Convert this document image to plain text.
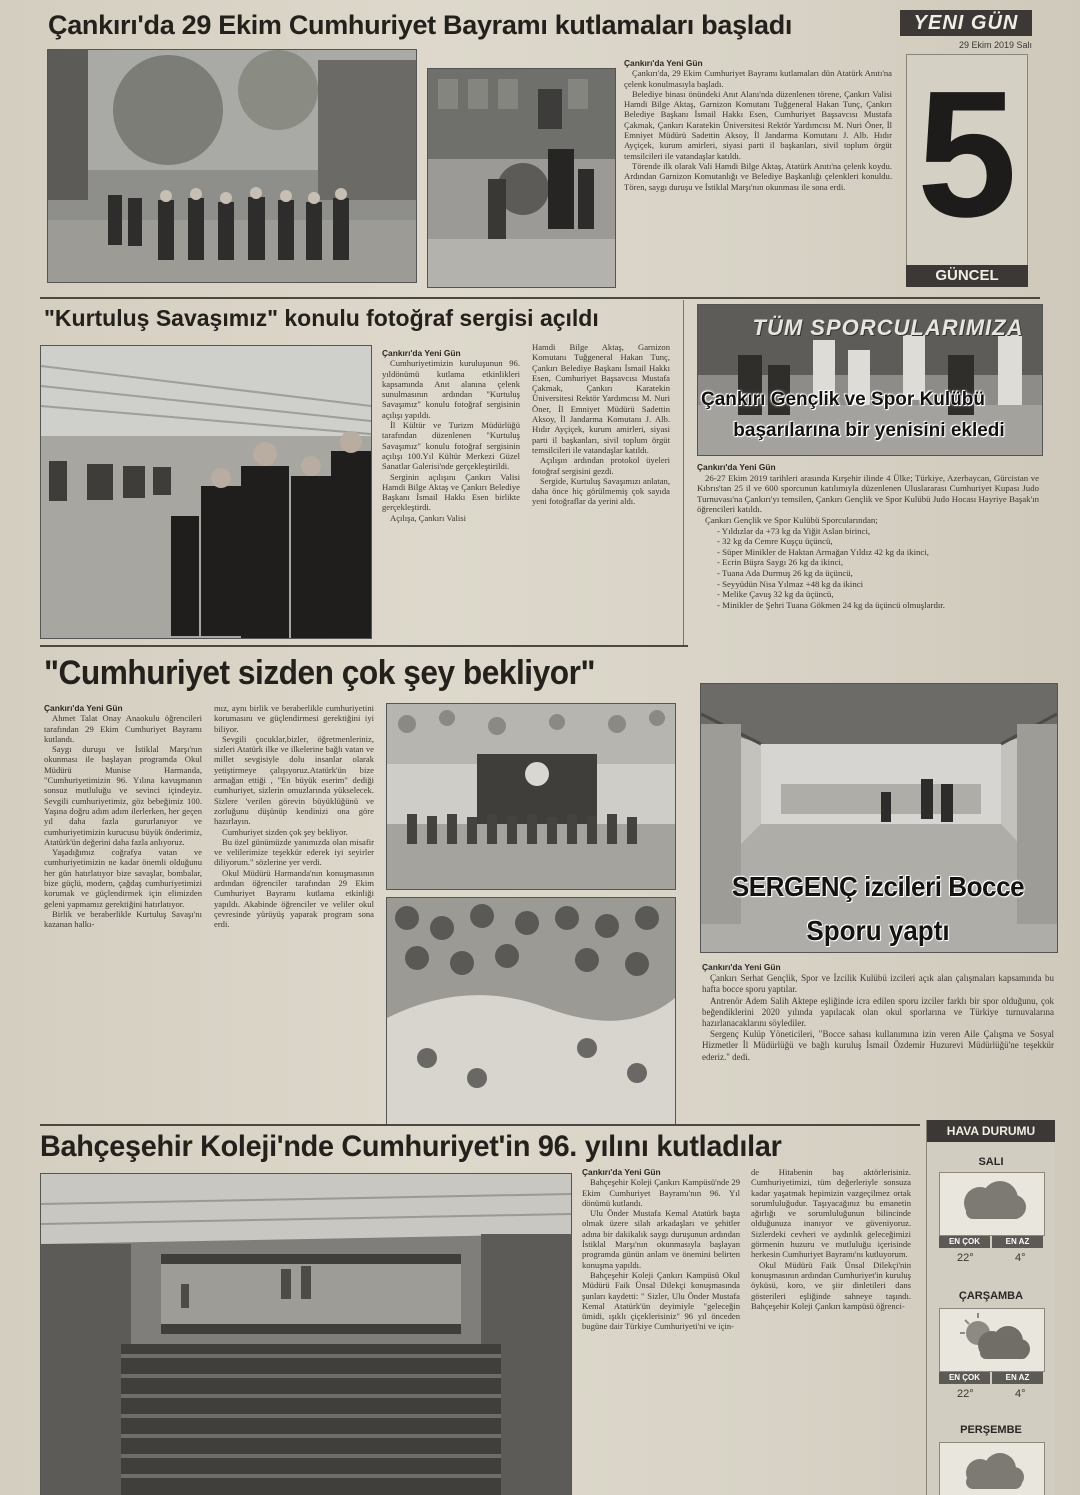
Çankırı'da 29 Ekim Cumhuriyet Bayramı kutlamaları başladı

Çankırı'da Yeni Gün

Çankırı'da, 29 Ekim Cumhuriyet Bayramı kutlamaları dün Atatürk Anıtı'na çelenk konulmasıyla başladı.

Belediye binası önündeki Anıt Alanı'nda düzenlenen törene, Çankırı Valisi Hamdi Bilge Aktaş, Garnizon Komutanı Tuğgeneral Hakan Tunç, Çankırı Belediye Başkanı İsmail Hakkı Esen, Cumhuriyet Başsavcısı Mustafa Çakmak, Çankırı Karatekin Üniversitesi Rektör Yardımcısı M. Nuri Öner, İl Emniyet Müdürü Sadettin Aksoy, İl Jandarma Komutanı J. Alb. Hıdır Ayçiçek, kurum amirleri, siyasi parti il başkanları, sivil toplum örgüt temsilcileri ile vatandaşlar katıldı.

Törende ilk olarak Vali Hamdi Bilge Aktaş, Atatürk Anıtı'na çelenk koydu. Ardından Garnizon Komutanlığı ve Belediye Başkanlığı çelenkleri konuldu. Tören, saygı duruşu ve İstiklal Marşı'nın okunması ile sona erdi.

YENI GÜN
29 Ekim 2019 Salı
5
GÜNCEL
"Kurtuluş Savaşımız" konulu fotoğraf sergisi açıldı

Çankırı'da Yeni Gün

Cumhuriyetimizin kuruluşunun 96. yıldönümü kutlama etkinlikleri kapsamında Anıt alanına çelenk sunulmasının ardından "Kurtuluş Savaşımız" konulu fotoğraf sergisinin açılışı yapıldı.

İl Kültür ve Turizm Müdürlüğü tarafından düzenlenen "Kurtuluş Savaşımız" konulu fotoğraf sergisinin açılışı 100.Yıl Kültür Merkezi Güzel Sanatlar Galerisi'nde gerçekleştirildi.

Serginin açılışını Çankırı Valisi Hamdi Bilge Aktaş ve Çankırı Belediye Başkanı İsmail Hakkı Esen birlikte gerçekleştirdi.

Açılışa, Çankırı Valisi

Hamdi Bilge Aktaş, Garnizon Komutanı Tuğgeneral Hakan Tunç, Çankırı Belediye Başkanı İsmail Hakkı Esen, Cumhuriyet Başsavcısı Mustafa Çakmak, Çankırı Karatekin Üniversitesi Rektör Yardımcısı M. Nuri Öner, İl Emniyet Müdürü Sadettin Aksoy, İl Jandarma Komutanı J. Alb. Hıdır Ayçiçek, kurum amirleri, siyasi parti il başkanları, sivil toplum örgüt temsilcileri ile vatandaşlar katıldı.

Açılışın ardından protokol üyeleri fotoğraf sergisini gezdi.

Sergide, Kurtuluş Savaşımızı anlatan, daha önce hiç görülmemiş çok sayıda yeni fotoğraflar da yerini aldı.

TÜM SPORCULARIMIZA
Çankırı Gençlik ve Spor Kulübü
başarılarına bir yenisini ekledi

Çankırı'da Yeni Gün

26-27 Ekim 2019 tarihleri arasında Kırşehir ilinde 4 Ülke; Türkiye, Azerbaycan, Gürcistan ve Kıbrıs'tan 25 il ve 600 sporcunun katılımıyla düzenlenen Uluslararası Cumhuriyet Kupası Judo Turnuvası'na Çankırı'yı temsilen, Çankırı Gençlik ve Spor Kulübü Judo Hocası Hayriye Başak'ın öğrencileri katıldı.

Çankırı Gençlik ve Spor Kulübü Sporcularından;

- Yıldızlar da +73 kg da Yiğit Aslan birinci,
- 32 kg da Cemre Kuşçu üçüncü,
- Süper Minikler de Haktan Armağan Yıldız 42 kg da ikinci,
- Ecrin Büşra Saygı 26 kg da ikinci,
- Tuana Ada Durmuş 26 kg da üçüncü,
- Seyyüdün Nisa Yılmaz +48 kg da ikinci
- Melike Çavuş 32 kg da üçüncü,
- Minikler de Şehri Tuana Gökmen 24 kg da üçüncü olmuşlardır.
"Cumhuriyet sizden çok şey bekliyor"

Çankırı'da Yeni Gün

Ahmet Talat Onay Anaokulu öğrencileri tarafından 29 Ekim Cumhuriyet Bayramı kutlandı.

Saygı duruşu ve İstiklal Marşı'nın okunması ile başlayan programda Okul Müdürü Munise Harmanda, "Cumhuriyetimizin 96. Yılına kavuşmanın sonsuz mutluluğu ve sevinci içindeyiz. Sevgili cumhuriyetimiz, göz bebeğimiz 100. Yaşına doğru adım adım ilerlerken, her geçen yıl daha fazla gururlanıyor ve cumhuriyetimizin kurucusu büyük önderimiz, Atatürk'ün değerini daha fazla anlıyoruz.

Yaşadığımız coğrafya vatan ve cumhuriyetimizin ne kadar önemli olduğunu her gün hatırlatıyor bize savaşlar, bombalar, bize güçlü, modern, çağdaş cumhuriyetimizi korumak ve güçlendirmek için elimizden geleni yapmamız gerektiğini hatırlatıyor.

Birlik ve beraberlikle Kurtuluş Savaşı'nı kazanan halkı-

mız, aynı birlik ve beraberlikle cumhuriyetini korumasını ve güçlendirmesi gerektiğini iyi biliyor.

Sevgili çocuklar,bizler, öğretmenleriniz, sizleri Atatürk ilke ve ilkelerine bağlı vatan ve millet sevgisiyle dolu insanlar olarak yetiştirmeye çalışıyoruz.Atatürk'ün bize armağan ettiği , "En büyük eserim" dediği cumhuriyet, sizlerin omuzlarında yükselecek. Sizlere 'verilen görevin büyüklüğünü ve zorluğunu düşünüp kendinizi ona göre hazırlayın.

Cumhuriyet sizden çok şey bekliyor.

Bu özel günümüzde yanımızda olan misafir ve velilerimize teşekkür ederek iyi seyirler diliyorum." sözlerine yer verdi.

Okul Müdürü Harmanda'nın konuşmasının ardından öğrenciler tarafından 29 Ekim Cumhuriyet Bayramı kutlama etkinliği yapıldı. Akabinde öğrenciler ve veliler okul çevresinde yürüyüş yaparak program sona erdi.

SERGENÇ izcileri Bocce
Sporu yaptı

Çankırı'da Yeni Gün

Çankırı Serhat Gençlik, Spor ve İzcilik Kulübü izcileri açık alan çalışmaları kapsamında bu hafta bocce sporu yaptılar.

Antrenör Adem Salih Aktepe eşliğinde icra edilen sporu izciler farklı bir spor olduğunu, çok beğendiklerini 2020 yılında yapılacak olan okul sporlarına ve Türkiye turnuvalarına hazırlanacaklarını söylediler.

Sergenç Kulüp Yöneticileri, "Bocce sahası kullanımına izin veren Aile Çalışma ve Sosyal Hizmetler İl Müdürlüğü ve bağlı kuruluş İsmail Özdemir Huzurevi Müdürlüğü'ne teşekkür ederiz." dedi.

Bahçeşehir Koleji'nde Cumhuriyet'in 96. yılını kutladılar

Çankırı'da Yeni Gün

Bahçeşehir Koleji Çankırı Kampüsü'nde 29 Ekim Cumhuriyet Bayramı'nın 96. Yıl dönümü kutlandı.

Ulu Önder Mustafa Kemal Atatürk başta olmak üzere silah arkadaşları ve şehitler adına bir dakikalık saygı duruşunun ardından İstiklal Marşı'nın okunmasıyla başlayan programda günün anlam ve önemini belirten konuşma yapıldı.

Bahçeşehir Koleji Çankırı Kampüsü Okul Müdürü Faik Ünsal Dilekçi konuşmasında şunları kaydetti: " Sizler, Ulu Önder Mustafa Kemal Atatürk'ün deyimiyle "geleceğin ümidi, ışıklı çiçeklerisiniz" 96 yıl önceden bugüne dair Türkiye Cumhuriyeti'ni ve için-

de Hitabenin baş aktörlerisiniz. Cumhuriyetimizi, tüm değerleriyle sonsuza kadar yaşatmak hepimizin vazgeçilmez ortak sorumluluğudur. Taşıyacağınız bu emanetin ağırlığı ve sorumluluğunun bilincinde olduğunuza inanıyor ve güveniyoruz. Sizlerdeki cevheri ve aydınlık geleceğimizi görmenin huzuru ve mutluluğu içerisinde herkesin Cumhuriyet Bayramı'nı kutluyorum.

Okul Müdürü Faik Ünsal Dilekçi'nin konuşmasının ardından Cumhuriyet'in kuruluş öyküsü, koro, ve şiir dinletileri dans gösterileri eşliğinde sahneye taşındı. Bahçeşehir Koleji Çankırı kampüsü öğrenci-

HAVA DURUMU
SALI
EN ÇOK	EN AZ
22°	4°
ÇARŞAMBA
EN ÇOK	EN AZ
22°	4°
PERŞEMBE
